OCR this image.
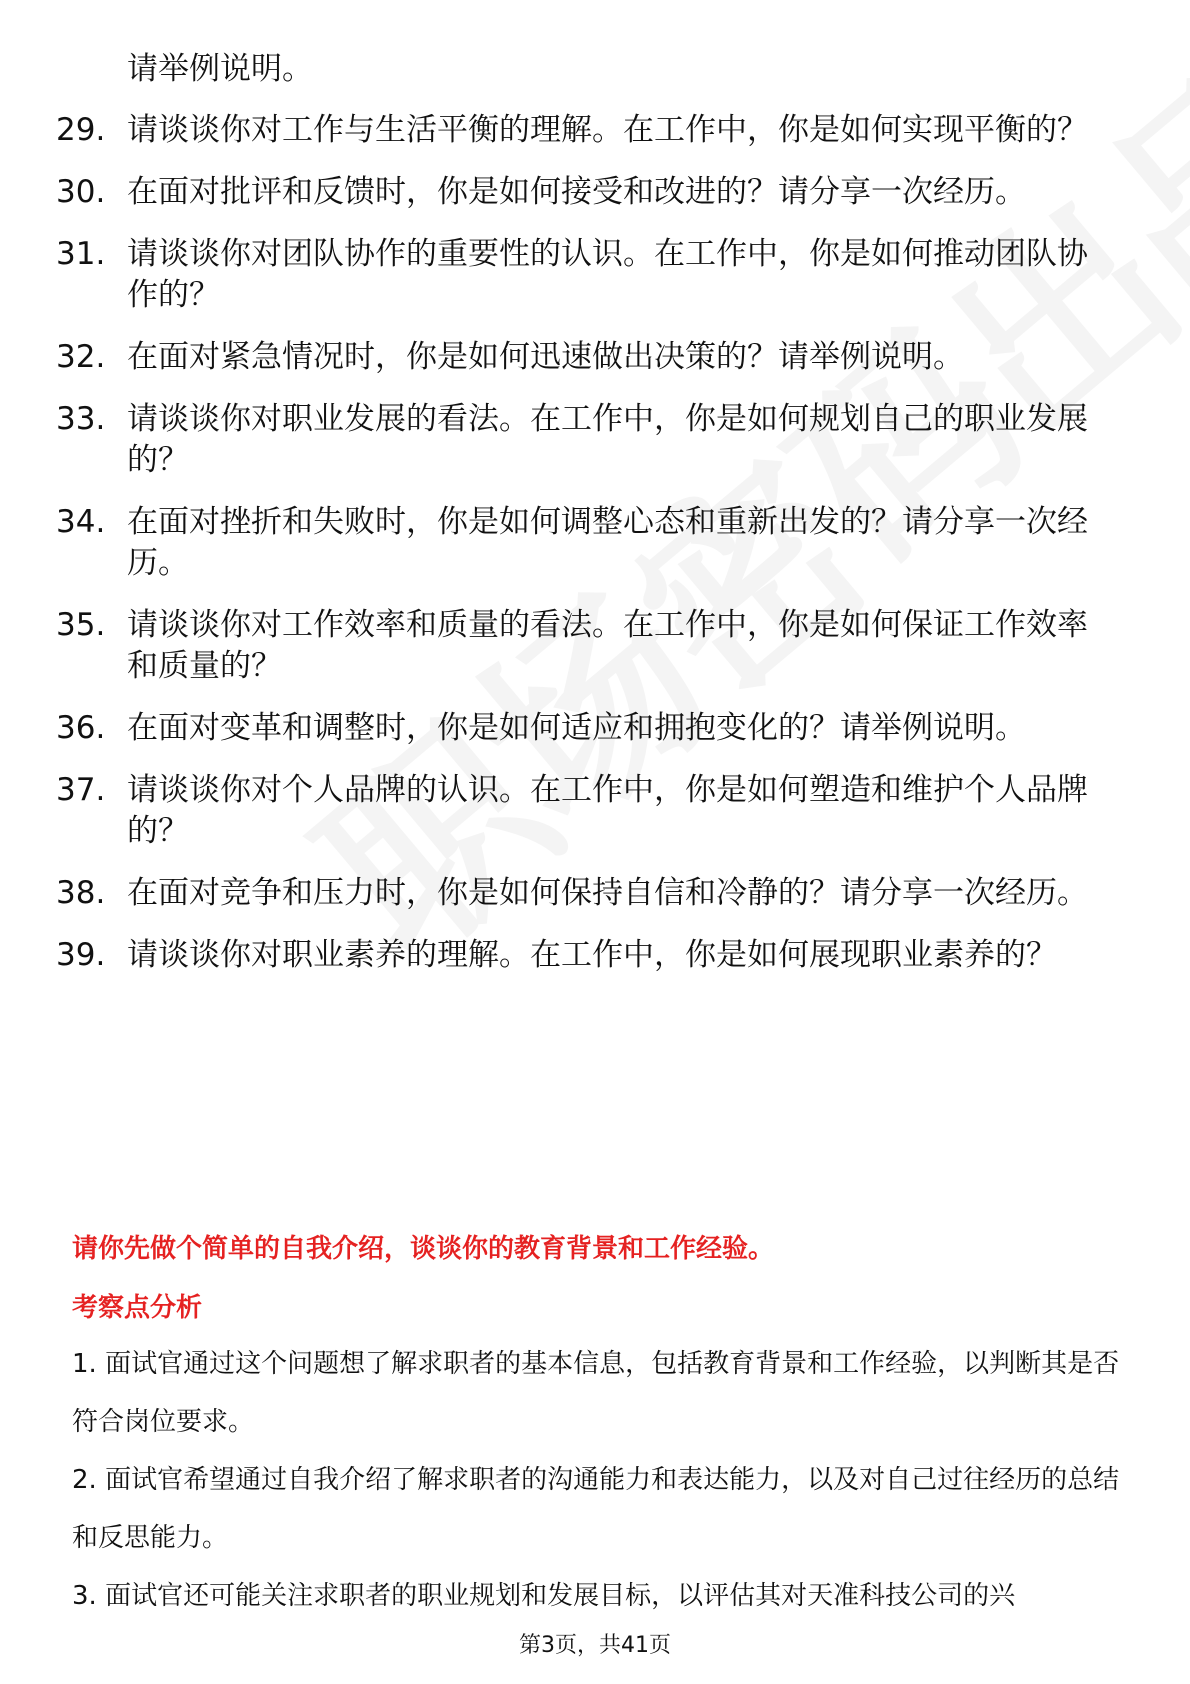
请举例说明。
29. 请谈谈你对工作与生活平衡的理解。在工作中，你是如何实现平衡的？
30. 在面对批评和反馈时，你是如何接受和改进的？请分享一次经历。
31. 请谈谈你对团队协作的重要性的认识。在工作中，你是如何推动团队协作的？
32. 在面对紧急情况时，你是如何迅速做出决策的？请举例说明。
33. 请谈谈你对职业发展的看法。在工作中，你是如何规划自己的职业发展的？
34. 在面对挫折和失败时，你是如何调整心态和重新出发的？请分享一次经历。
35. 请谈谈你对工作效率和质量的看法。在工作中，你是如何保证工作效率和质量的？
36. 在面对变革和调整时，你是如何适应和拥抱变化的？请举例说明。
37. 请谈谈你对个人品牌的认识。在工作中，你是如何塑造和维护个人品牌的？
38. 在面对竞争和压力时，你是如何保持自信和冷静的？请分享一次经历。
39. 请谈谈你对职业素养的理解。在工作中，你是如何展现职业素养的？
请你先做个简单的自我介绍，谈谈你的教育背景和工作经验。
考察点分析
1. 面试官通过这个问题想了解求职者的基本信息，包括教育背景和工作经验，以判断其是否符合岗位要求。
2. 面试官希望通过自我介绍了解求职者的沟通能力和表达能力，以及对自己过往经历的总结和反思能力。
3. 面试官还可能关注求职者的职业规划和发展目标，以评估其对天准科技公司的兴
第3页，共41页
